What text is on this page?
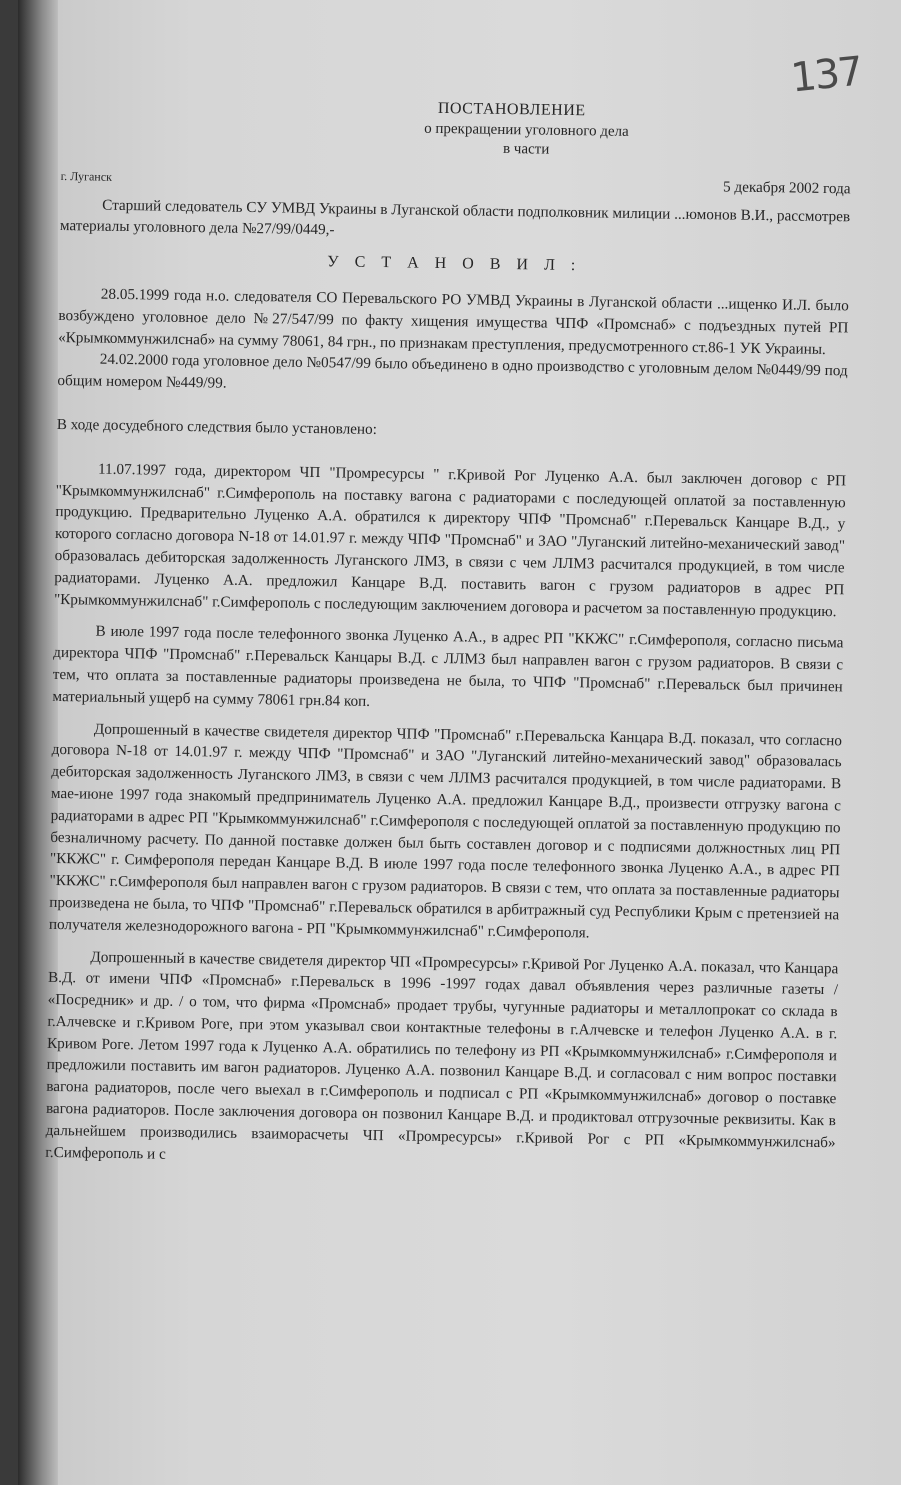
137
ПОСТАНОВЛЕНИЕ
о прекращении уголовного дела
в части
г. Луганск
5 декабря 2002 года

Старший следователь СУ УМВД Украины в Луганской области подполковник милиции ...юмонов В.И., рассмотрев материалы уголовного дела №27/99/0449,-

У С Т А Н О В И Л :

28.05.1999 года н.о. следователя СО Перевальского РО УМВД Украины в Луганской области ...ищенко И.Л. было возбуждено уголовное дело №27/547/99 по факту хищения имущества ЧПФ «Промснаб» с подъездных путей РП «Крымкоммунжилснаб» на сумму 78061, 84 грн., по признакам преступления, предусмотренного ст.86-1 УК Украины.

24.02.2000 года уголовное дело №0547/99 было объединено в одно производство с уголовным делом №0449/99 под общим номером №449/99.

В ходе досудебного следствия было установлено:

11.07.1997 года, директором ЧП "Промресурсы " г.Кривой Рог Луценко А.А. был заключен договор с РП "Крымкоммунжилснаб" г.Симферополь на поставку вагона с радиаторами с последующей оплатой за поставленную продукцию. Предварительно Луценко А.А. обратился к директору ЧПФ "Промснаб" г.Перевальск Канцаре В.Д., у которого согласно договора N-18 от 14.01.97 г. между ЧПФ "Промснаб" и ЗАО "Луганский литейно-механический завод" образовалась дебиторская задолженность Луганского ЛМЗ, в связи с чем ЛЛМЗ расчитался продукцией, в том числе радиаторами. Луценко А.А. предложил Канцаре В.Д. поставить вагон с грузом радиаторов в адрес РП "Крымкоммунжилснаб" г.Симферополь с последующим заключением договора и расчетом за поставленную продукцию.

В июле 1997 года после телефонного звонка Луценко А.А., в адрес РП "ККЖС" г.Симферополя, согласно письма директора ЧПФ "Промснаб" г.Перевальск Канцары В.Д. с ЛЛМЗ был направлен вагон с грузом радиаторов. В связи с тем, что оплата за поставленные радиаторы произведена не была, то ЧПФ "Промснаб" г.Перевальск был причинен материальный ущерб на сумму 78061 грн.84 коп.

Допрошенный в качестве свидетеля директор ЧПФ "Промснаб" г.Перевальска Канцара В.Д. показал, что согласно договора N-18 от 14.01.97 г. между ЧПФ "Промснаб" и ЗАО "Луганский литейно-механический завод" образовалась дебиторская задолженность Луганского ЛМЗ, в связи с чем ЛЛМЗ расчитался продукцией, в том числе радиаторами. В мае-июне 1997 года знакомый предприниматель Луценко А.А. предложил Канцаре В.Д., произвести отгрузку вагона с радиаторами в адрес РП "Крымкоммунжилснаб" г.Симферополя с последующей оплатой за поставленную продукцию по безналичному расчету. По данной поставке должен был быть составлен договор и с подписями должностных лиц РП "ККЖС" г. Симферополя передан Канцаре В.Д. В июле 1997 года после телефонного звонка Луценко А.А., в адрес РП "ККЖС" г.Симферополя был направлен вагон с грузом радиаторов. В связи с тем, что оплата за поставленные радиаторы произведена не была, то ЧПФ "Промснаб" г.Перевальск обратился в арбитражный суд Республики Крым с претензией на получателя железнодорожного вагона - РП "Крымкоммунжилснаб" г.Симферополя.

Допрошенный в качестве свидетеля директор ЧП «Промресурсы» г.Кривой Рог Луценко А.А. показал, что Канцара В.Д. от имени ЧПФ «Промснаб» г.Перевальск в 1996 -1997 годах давал объявления через различные газеты / «Посредник» и др. / о том, что фирма «Промснаб» продает трубы, чугунные радиаторы и металлопрокат со склада в г.Алчевске и г.Кривом Роге, при этом указывал свои контактные телефоны в г.Алчевске и телефон Луценко А.А. в г. Кривом Роге. Летом 1997 года к Луценко А.А. обратились по телефону из РП «Крымкоммунжилснаб» г.Симферополя и предложили поставить им вагон радиаторов. Луценко А.А. позвонил Канцаре В.Д. и согласовал с ним вопрос поставки вагона радиаторов, после чего выехал в г.Симферополь и подписал с РП «Крымкоммунжилснаб» договор о поставке вагона радиаторов. После заключения договора он позвонил Канцаре В.Д. и продиктовал отгрузочные реквизиты. Как в дальнейшем производились взаиморасчеты ЧП «Промресурсы» г.Кривой Рог с РП «Крымкоммунжилснаб» г.Симферополь и с
